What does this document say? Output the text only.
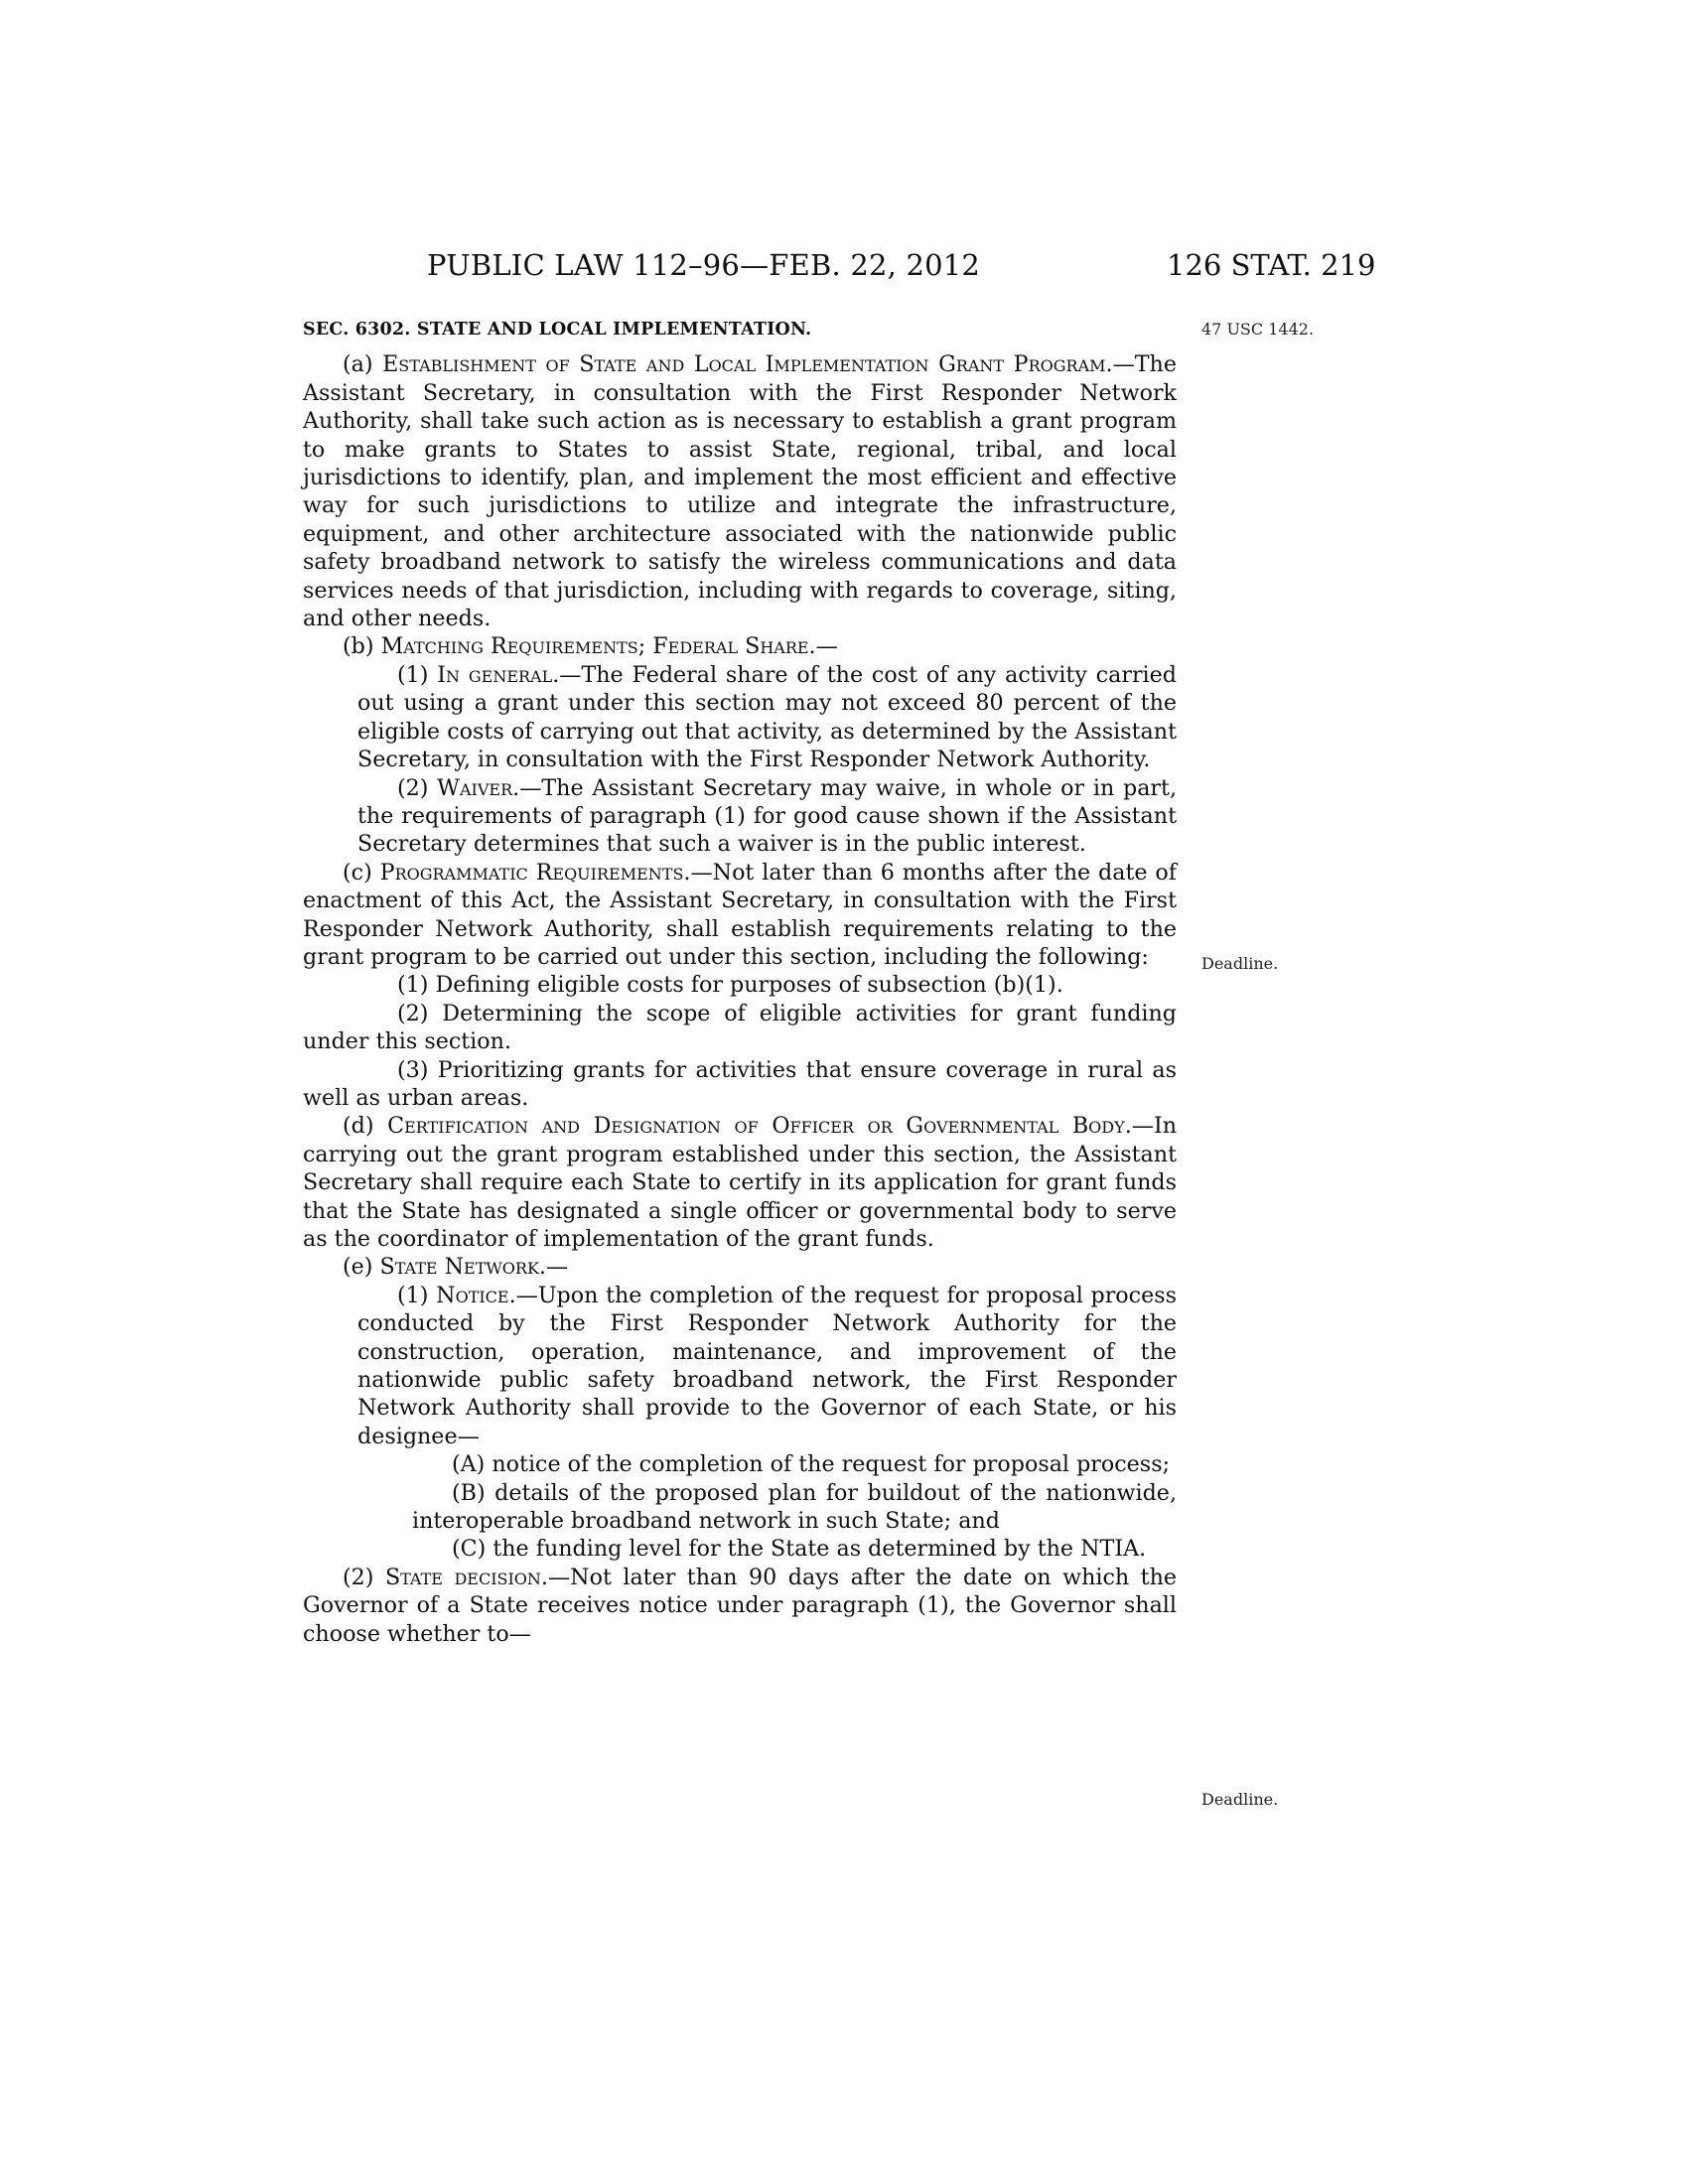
PUBLIC LAW 112–96—FEB. 22, 2012	126 STAT. 219
47 USC 1442.
Deadline.
Deadline.

SEC. 6302. STATE AND LOCAL IMPLEMENTATION.

(a) Establishment of State and Local Implementation Grant Program.—The Assistant Secretary, in consultation with the First Responder Network Authority, shall take such action as is necessary to establish a grant program to make grants to States to assist State, regional, tribal, and local jurisdictions to identify, plan, and implement the most efficient and effective way for such jurisdictions to utilize and integrate the infrastructure, equipment, and other architecture associated with the nationwide public safety broadband network to satisfy the wireless communications and data services needs of that jurisdiction, including with regards to coverage, siting, and other needs.

(b) Matching Requirements; Federal Share.—

(1) In general.—The Federal share of the cost of any activity carried out using a grant under this section may not exceed 80 percent of the eligible costs of carrying out that activity, as determined by the Assistant Secretary, in consultation with the First Responder Network Authority.

(2) Waiver.—The Assistant Secretary may waive, in whole or in part, the requirements of paragraph (1) for good cause shown if the Assistant Secretary determines that such a waiver is in the public interest.

(c) Programmatic Requirements.—Not later than 6 months after the date of enactment of this Act, the Assistant Secretary, in consultation with the First Responder Network Authority, shall establish requirements relating to the grant program to be carried out under this section, including the following:

(1) Defining eligible costs for purposes of subsection (b)(1).

(2) Determining the scope of eligible activities for grant funding under this section.

(3) Prioritizing grants for activities that ensure coverage in rural as well as urban areas.

(d) Certification and Designation of Officer or Governmental Body.—In carrying out the grant program established under this section, the Assistant Secretary shall require each State to certify in its application for grant funds that the State has designated a single officer or governmental body to serve as the coordinator of implementation of the grant funds.

(e) State Network.—

(1) Notice.—Upon the completion of the request for proposal process conducted by the First Responder Network Authority for the construction, operation, maintenance, and improvement of the nationwide public safety broadband network, the First Responder Network Authority shall provide to the Governor of each State, or his designee—

(A) notice of the completion of the request for proposal process;

(B) details of the proposed plan for buildout of the nationwide, interoperable broadband network in such State; and

(C) the funding level for the State as determined by the NTIA.

(2) State decision.—Not later than 90 days after the date on which the Governor of a State receives notice under paragraph (1), the Governor shall choose whether to—
